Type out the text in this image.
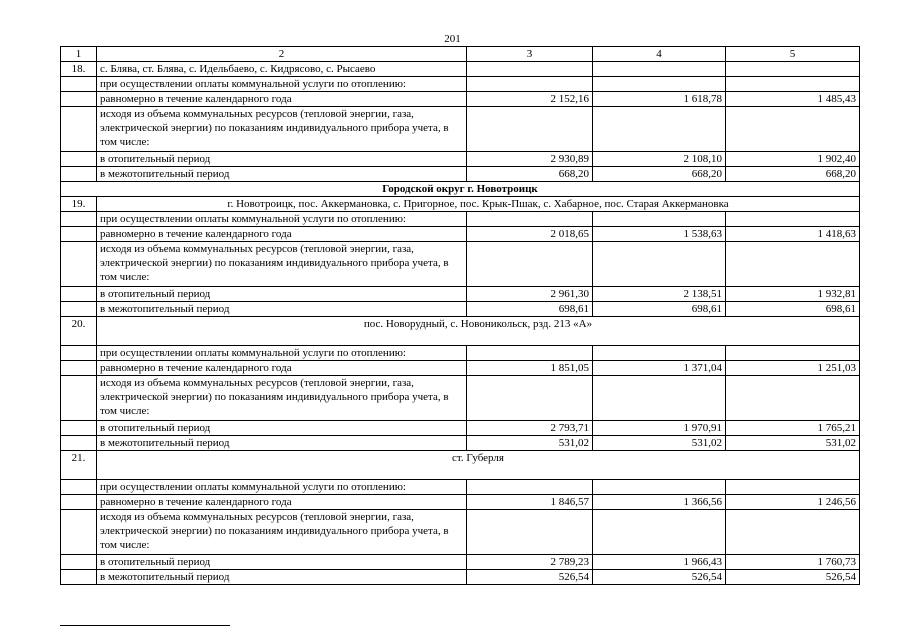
201
1	2	3	4	5
18.	с. Блява, ст. Блява, с. Идельбаево, с. Кидрясово, с. Рысаево			
	при осуществлении оплаты коммунальной услуги по отоплению:			
	равномерно в течение календарного года	2 152,16	1 618,78	1 485,43
	исходя из объема коммунальных ресурсов (тепловой энергии, газа, электрической энергии) по показаниям индивидуального прибора учета, в том числе:			
	в отопительный период	2 930,89	2 108,10	1 902,40
	в межотопительный период	668,20	668,20	668,20
Городской округ г. Новотроицк				
19.	г. Новотроицк, пос. Аккермановка, с. Пригорное, пос. Крык-Пшак, с. Хабарное, пос. Старая Аккермановка			
	при осуществлении оплаты коммунальной услуги по отоплению:			
	равномерно в течение календарного года	2 018,65	1 538,63	1 418,63
	исходя из объема коммунальных ресурсов (тепловой энергии, газа, электрической энергии) по показаниям индивидуального прибора учета, в том числе:			
	в отопительный период	2 961,30	2 138,51	1 932,81
	в межотопительный период	698,61	698,61	698,61
20.	пос. Новорудный, с. Новоникольск, рзд. 213 «А»			
	при осуществлении оплаты коммунальной услуги по отоплению:			
	равномерно в течение календарного года	1 851,05	1 371,04	1 251,03
	исходя из объема коммунальных ресурсов (тепловой энергии, газа, электрической энергии) по показаниям индивидуального прибора учета, в том числе:			
	в отопительный период	2 793,71	1 970,91	1 765,21
	в межотопительный период	531,02	531,02	531,02
21.	ст. Губерля			
	при осуществлении оплаты коммунальной услуги по отоплению:			
	равномерно в течение календарного года	1 846,57	1 366,56	1 246,56
	исходя из объема коммунальных ресурсов (тепловой энергии, газа, электрической энергии) по показаниям индивидуального прибора учета, в том числе:			
	в отопительный период	2 789,23	1 966,43	1 760,73
	в межотопительный период	526,54	526,54	526,54
